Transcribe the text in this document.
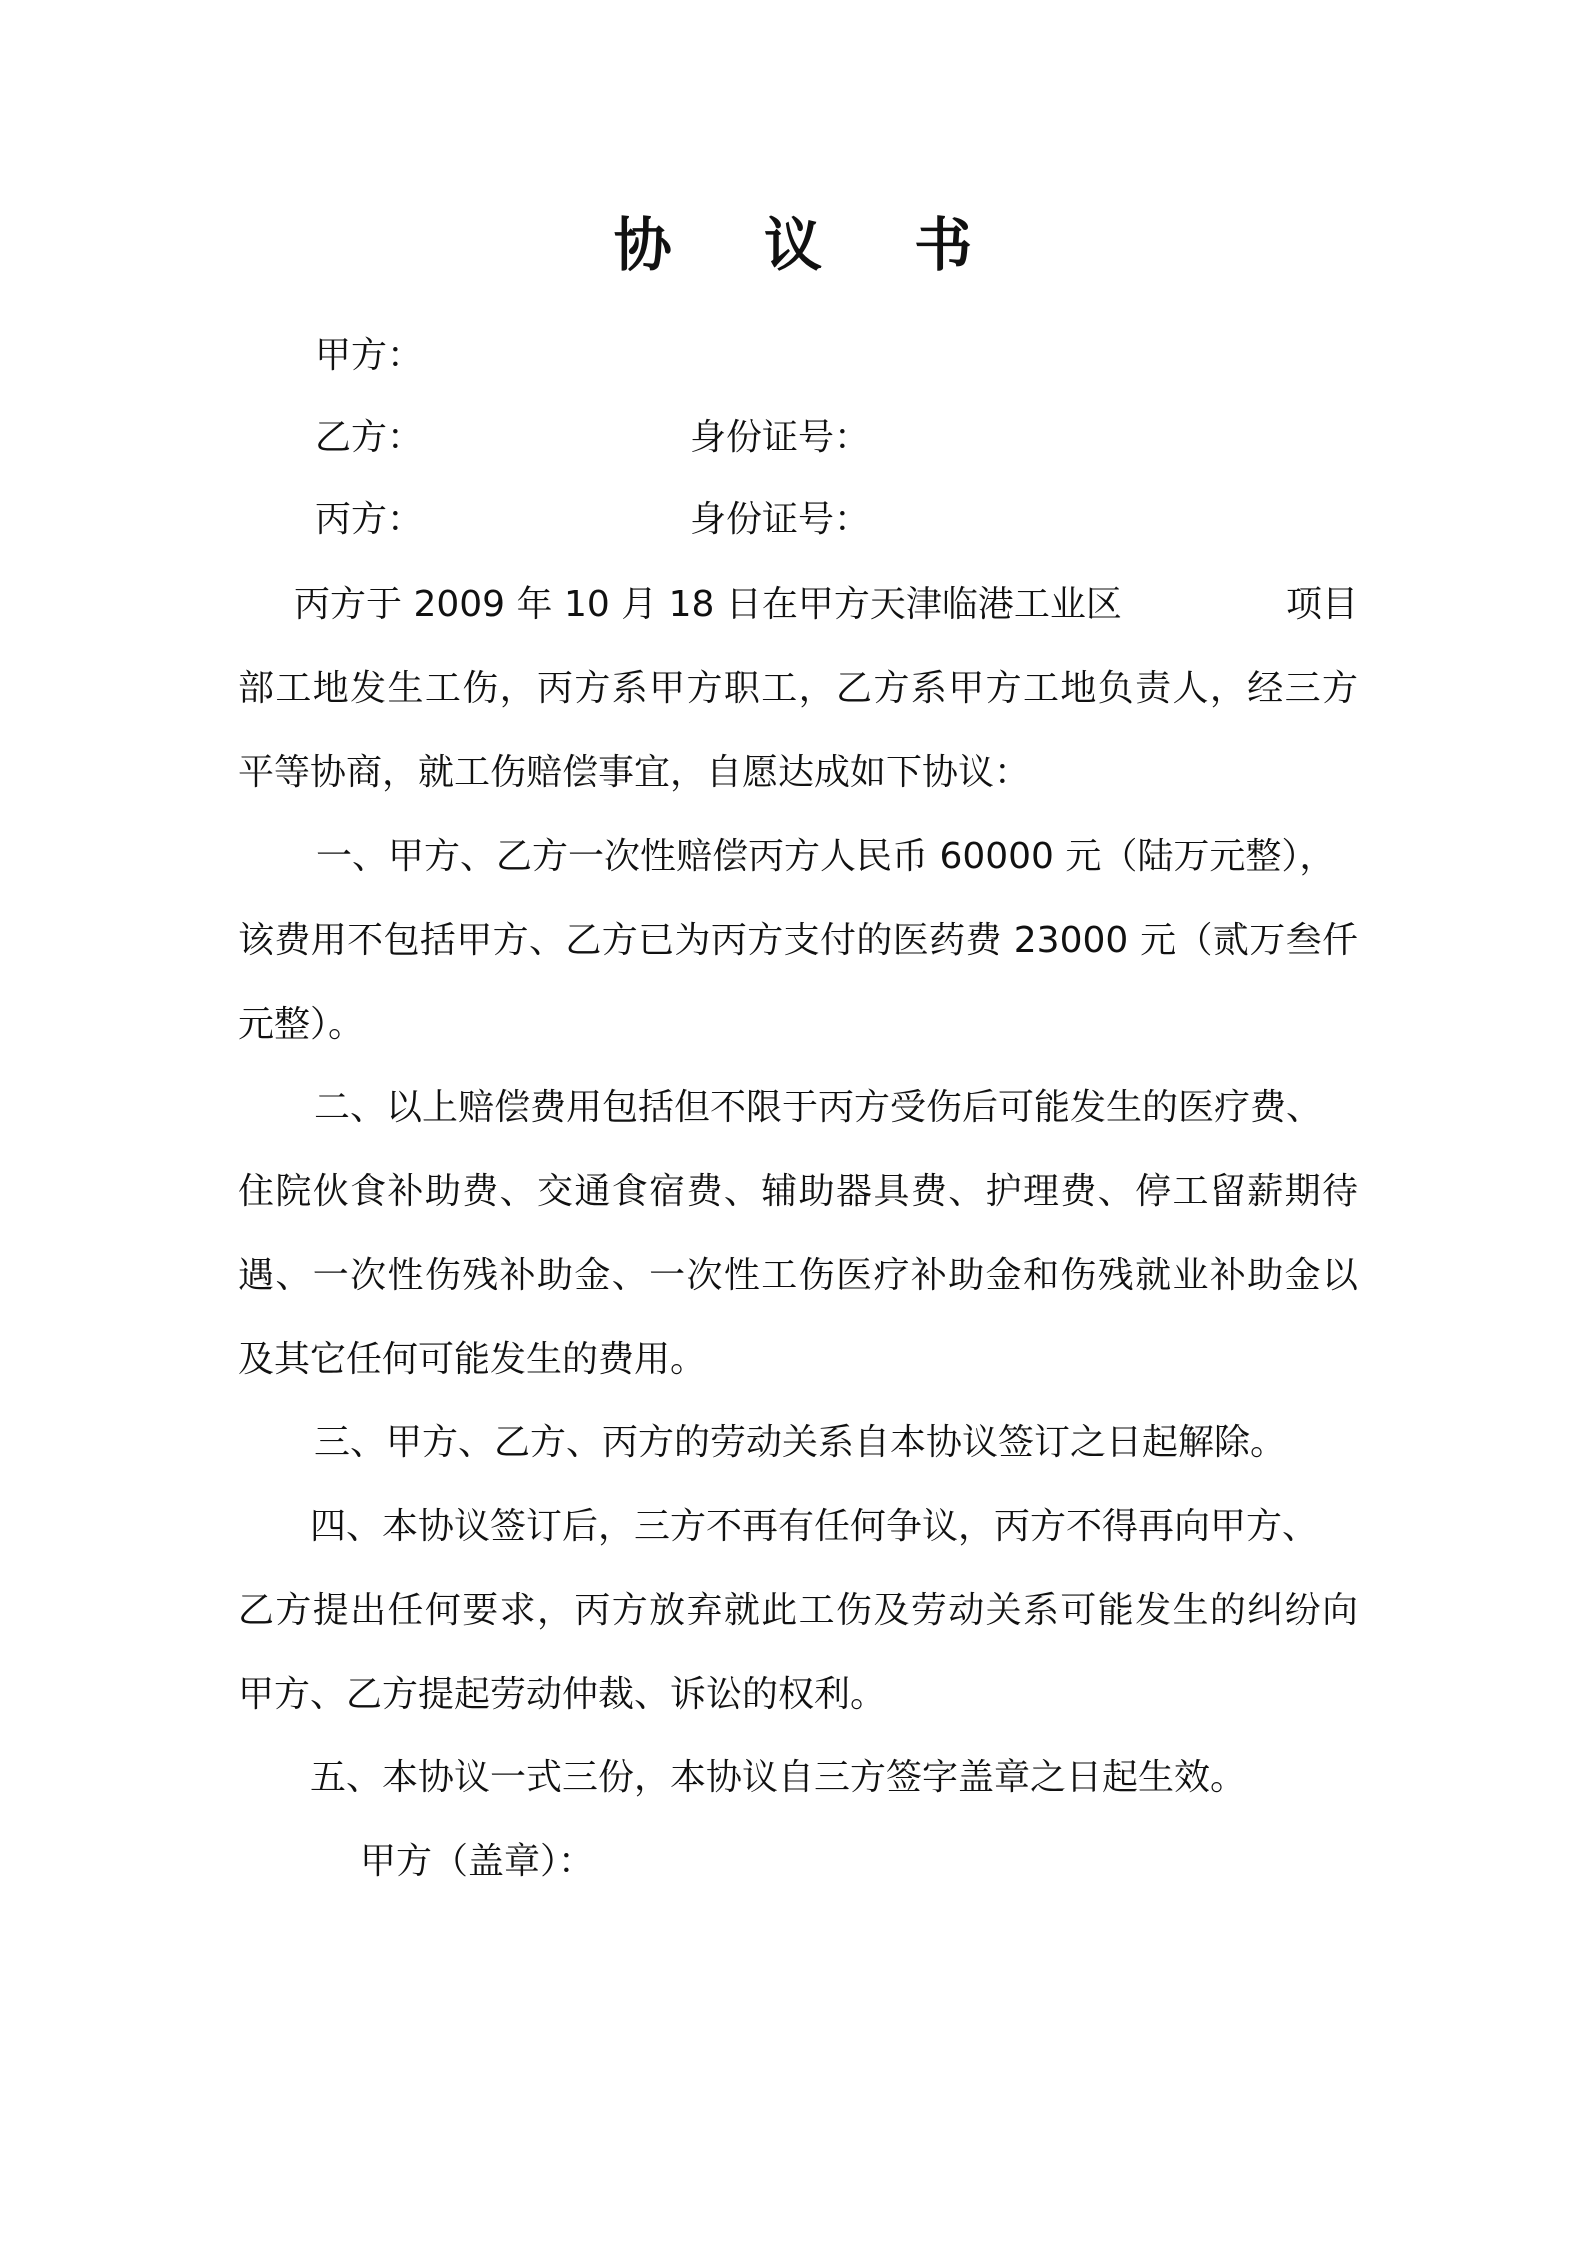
协 议 书
甲方：
乙方：	身份证号：
丙方：	身份证号：
丙方于 2009 年 10 月 18 日在甲方天津临港工业区	项目
部工地发生工伤，丙方系甲方职工，乙方系甲方工地负责人，经三方
平等协商，就工伤赔偿事宜，自愿达成如下协议：
一、甲方、乙方一次性赔偿丙方人民币 60000 元（陆万元整），
该费用不包括甲方、乙方已为丙方支付的医药费 23000 元（贰万叁仟
元整）。
二、以上赔偿费用包括但不限于丙方受伤后可能发生的医疗费、
住院伙食补助费、交通食宿费、辅助器具费、护理费、停工留薪期待
遇、一次性伤残补助金、一次性工伤医疗补助金和伤残就业补助金以
及其它任何可能发生的费用。
三、甲方、乙方、丙方的劳动关系自本协议签订之日起解除。
四、本协议签订后，三方不再有任何争议，丙方不得再向甲方、
乙方提出任何要求，丙方放弃就此工伤及劳动关系可能发生的纠纷向
甲方、乙方提起劳动仲裁、诉讼的权利。
五、本协议一式三份，本协议自三方签字盖章之日起生效。
甲方（盖章）：
